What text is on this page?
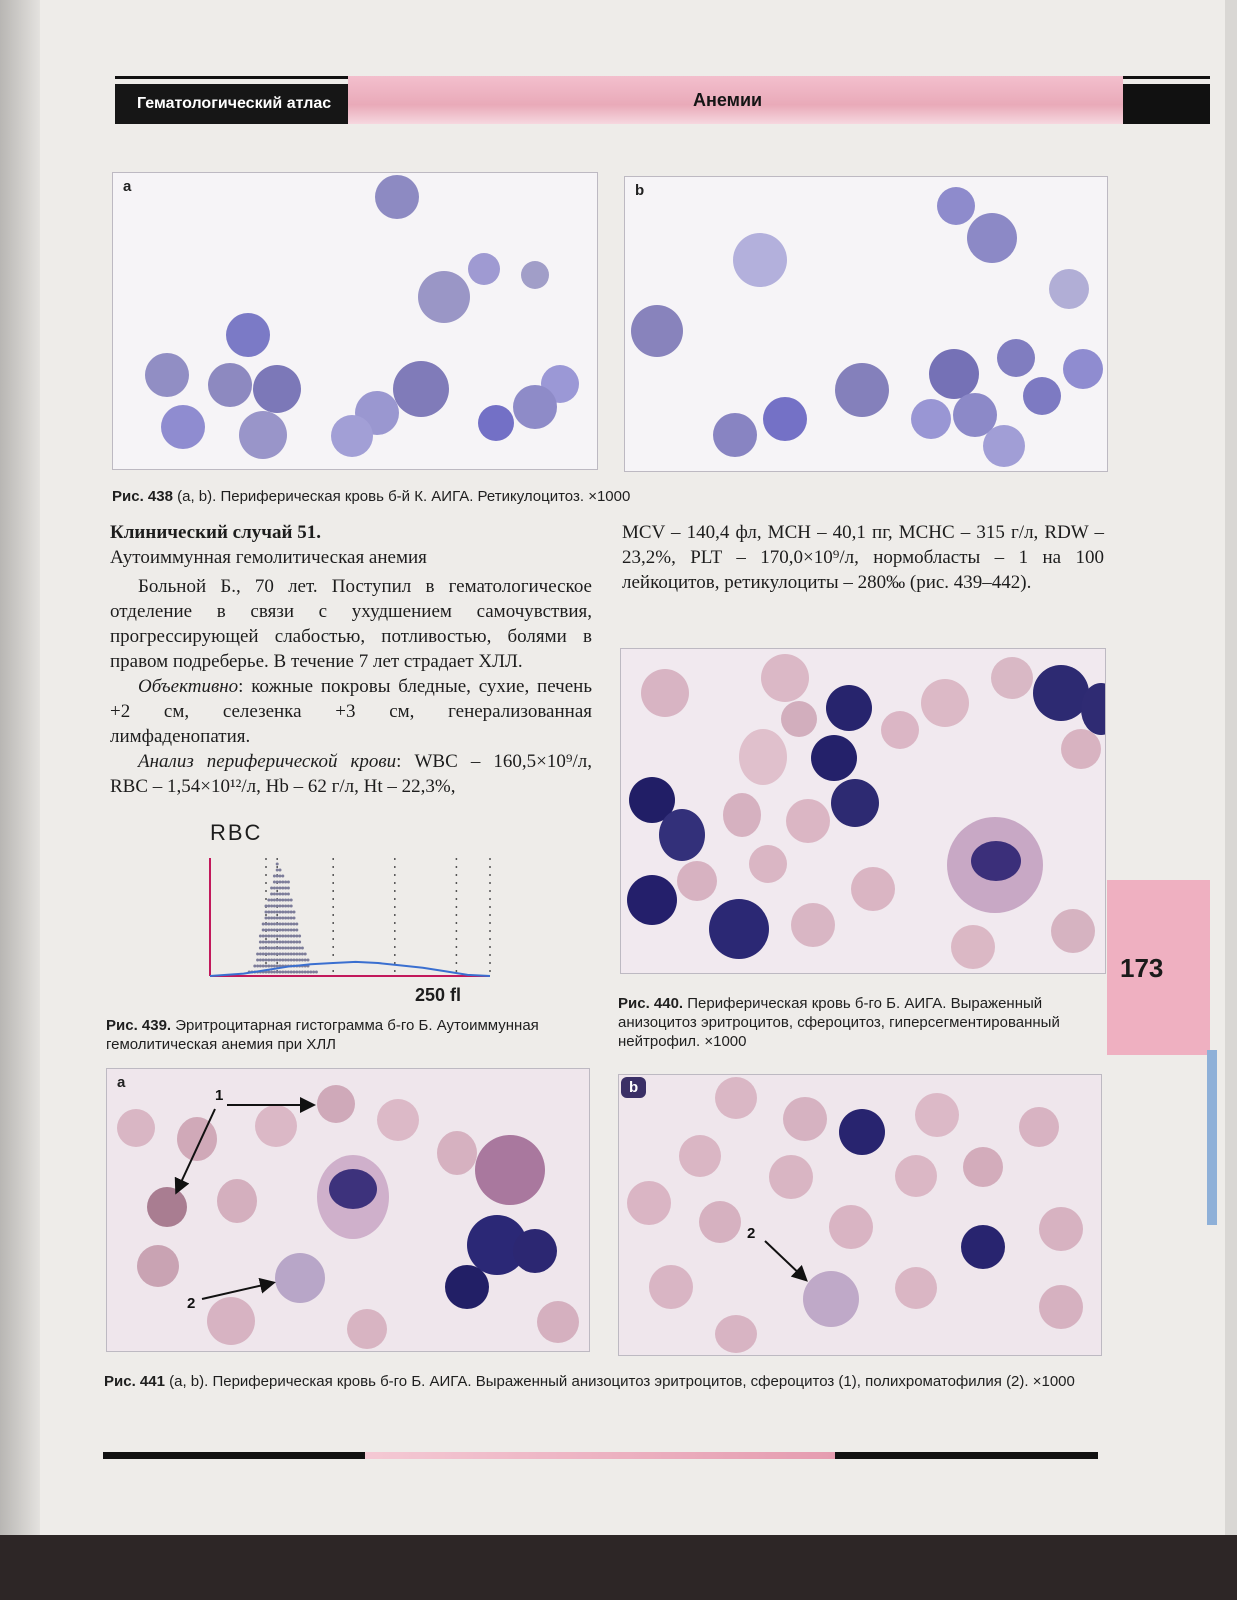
Гематологический атлас	Анемии
a	b
Рис. 438 (a, b). Периферическая кровь б-й К. АИГА. Ретикулоцитоз. ×1000

Клинический случай 51.

Аутоиммунная гемолитическая анемия

Больной Б., 70 лет. Поступил в гематологическое отделение в связи с ухудшением самочувствия, прогрессирующей слабостью, потливостью, болями в правом подреберье. В течение 7 лет страдает ХЛЛ.

Объективно: кожные покровы бледные, сухие, печень +2 см, селезенка +3 см, генерализованная лимфаденопатия.

Анализ периферической крови: WBC – 160,5×10⁹/л, RBC – 1,54×10¹²/л, Hb – 62 г/л, Ht – 22,3%,

MCV – 140,4 фл, MCH – 40,1 пг, MCHC – 315 г/л, RDW – 23,2%, PLT – 170,0×10⁹/л, нормобласты – 1 на 100 лейкоцитов, ретикулоциты – 280‰ (рис. 439–442).

RBC
250 fl
Рис. 439. Эритроцитарная гистограмма б-го Б. Аутоиммунная гемолитическая анемия при ХЛЛ
Рис. 440. Периферическая кровь б-го Б. АИГА. Выраженный анизоцитоз эритроцитов, сфероцитоз, гиперсегментированный нейтрофил. ×1000
173
a
1
2
b
2
Рис. 441 (a, b). Периферическая кровь б-го Б. АИГА. Выраженный анизоцитоз эритроцитов, сфероцитоз (1), полихроматофилия (2). ×1000
